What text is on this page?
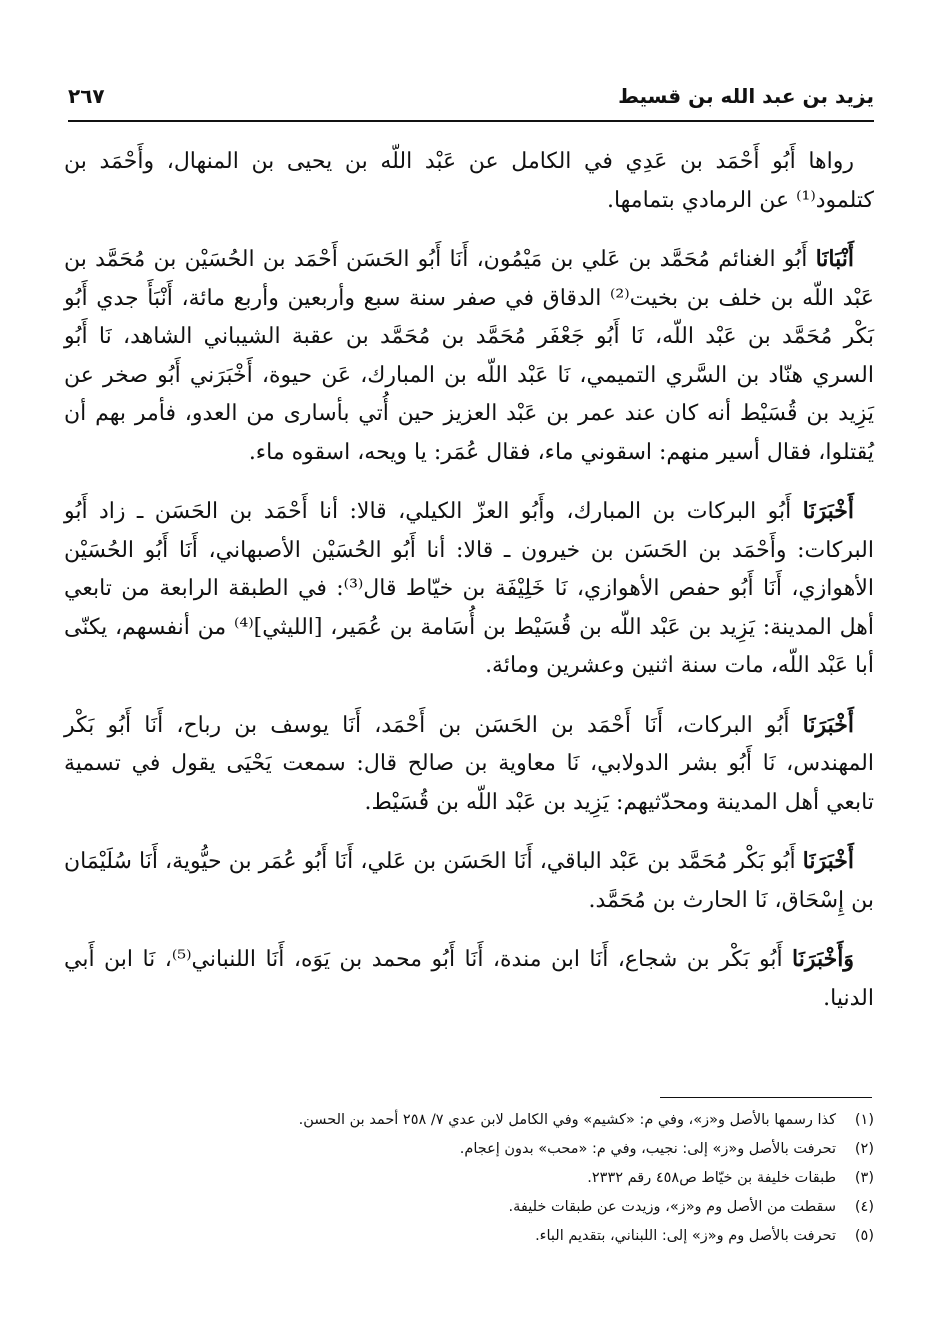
يزيد بن عبد الله بن قسيط
٢٦٧

رواها أَبُو أَحْمَد بن عَدِي في الكامل عن عَبْد اللّه بن يحيى بن المنهال، وأَحْمَد بن كتلمود⁽¹⁾ عن الرمادي بتمامها.

أَنْبَانَا أَبُو الغنائم مُحَمَّد بن عَلي بن مَيْمُون، أَنَا أَبُو الحَسَن أَحْمَد بن الحُسَيْن بن مُحَمَّد بن عَبْد اللّه بن خلف بن بخيت⁽²⁾ الدقاق في صفر سنة سبع وأربعين وأربع مائة، أَنْبَأَ جدي أَبُو بَكْر مُحَمَّد بن عَبْد اللّه، نَا أَبُو جَعْفَر مُحَمَّد بن مُحَمَّد بن عقبة الشيباني الشاهد، نَا أَبُو السري هنّاد بن السَّري التميمي، نَا عَبْد اللّه بن المبارك، عَن حيوة، أَخْبَرَني أَبُو صخر عن يَزِيد بن قُسَيْط أنه كان عند عمر بن عَبْد العزيز حين أُتي بأسارى من العدو، فأمر بهم أن يُقتلوا، فقال أسير منهم: اسقوني ماء، فقال عُمَر: يا ويحه، اسقوه ماء.

أَخْبَرَنَا أَبُو البركات بن المبارك، وأَبُو العزّ الكيلي، قالا: أنا أَحْمَد بن الحَسَن ـ زاد أَبُو البركات: وأَحْمَد بن الحَسَن بن خيرون ـ قالا: أنا أَبُو الحُسَيْن الأصبهاني، أَنَا أَبُو الحُسَيْن الأهوازي، أَنَا أَبُو حفص الأهوازي، نَا خَلِيْفَة بن خيّاط قال⁽³⁾: في الطبقة الرابعة من تابعي أهل المدينة: يَزِيد بن عَبْد اللّه بن قُسَيْط بن أُسَامة بن عُمَير، [الليثي]⁽⁴⁾ من أنفسهم، يكنّى أبا عَبْد اللّه، مات سنة اثنين وعشرين ومائة.

أَخْبَرَنَا أَبُو البركات، أَنَا أَحْمَد بن الحَسَن بن أَحْمَد، أَنَا يوسف بن رباح، أَنَا أَبُو بَكْر المهندس، نَا أَبُو بشر الدولابي، نَا معاوية بن صالح قال: سمعت يَحْيَى يقول في تسمية تابعي أهل المدينة ومحدّثيهم: يَزِيد بن عَبْد اللّه بن قُسَيْط.

أَخْبَرَنَا أَبُو بَكْر مُحَمَّد بن عَبْد الباقي، أَنَا الحَسَن بن عَلي، أَنَا أَبُو عُمَر بن حيُّوية، أَنَا سُلَيْمَان بن إِسْحَاق، نَا الحارث بن مُحَمَّد.

وَأَخْبَرَنَا أَبُو بَكْر بن شجاع، أَنَا ابن مندة، أَنَا أَبُو محمد بن يَوَه، أَنَا اللنباني⁽⁵⁾، نَا ابن أَبي الدنيا.

(١)كذا رسمها بالأصل و«ز»، وفي م: «كشيم» وفي الكامل لابن عدي ٧/ ٢٥٨ أحمد بن الحسن.
(٢)تحرفت بالأصل و«ز» إلى: نجيب، وفي م: «محب» بدون إعجام.
(٣)طبقات خليفة بن خيّاط ص٤٥٨ رقم ٢٣٣٢.
(٤)سقطت من الأصل وم و«ز»، وزيدت عن طبقات خليفة.
(٥)تحرفت بالأصل وم و«ز» إلى: اللبناني، بتقديم الباء.
